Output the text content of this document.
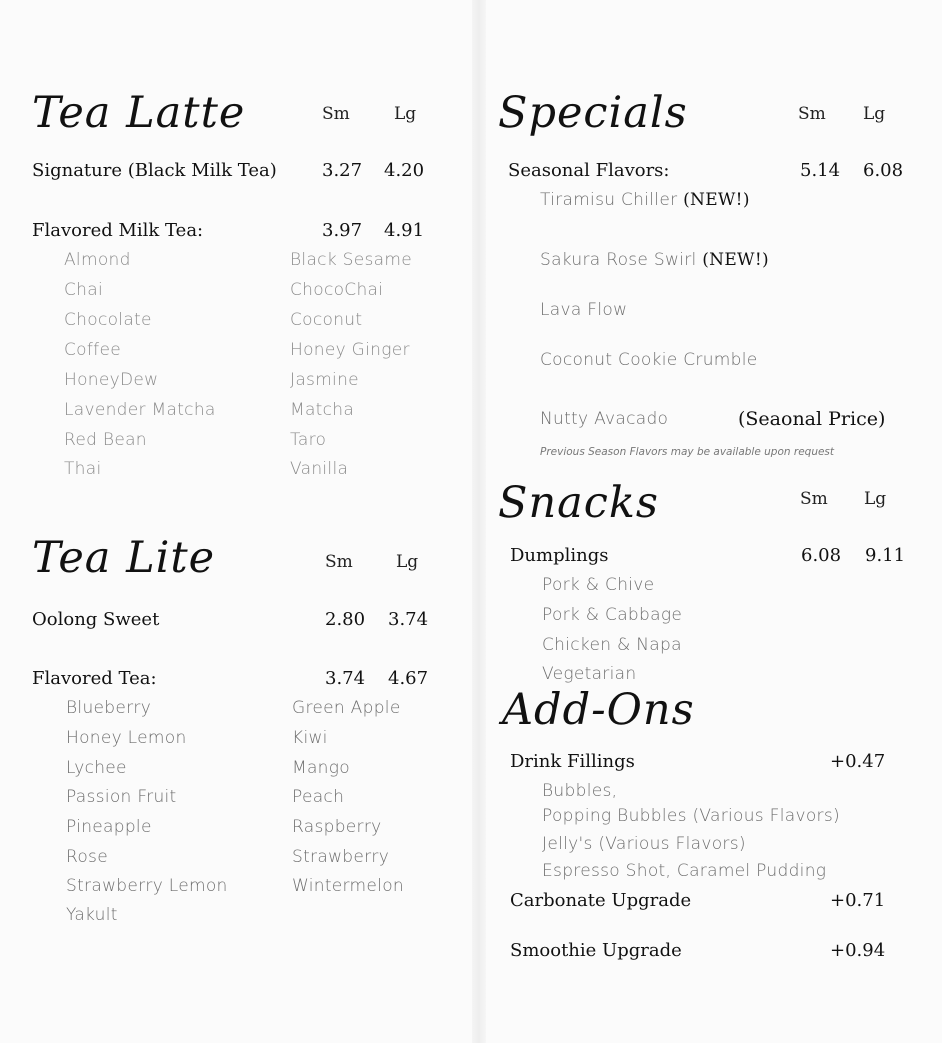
Tea Latte	Sm	Lg
Signature (Black Milk Tea)	3.27 4.20
Flavored Milk Tea:	3.97 4.91
Almond
Chai
Chocolate
Coffee
HoneyDew
Lavender Matcha
Red Bean
Thai
Black Sesame
ChocoChai
Coconut
Honey Ginger
Jasmine
Matcha
Taro
Vanilla
Tea Lite	Sm	Lg
Oolong Sweet	2.80 3.74
Flavored Tea:	3.74 4.67
Blueberry
Honey Lemon
Lychee
Passion Fruit
Pineapple
Rose
Strawberry Lemon
Yakult
Green Apple
Kiwi
Mango
Peach
Raspberry
Strawberry
Wintermelon
Specials	Sm Lg
Seasonal Flavors:	5.14 6.08
Tiramisu Chiller (NEW!)
Sakura Rose Swirl (NEW!)
Lava Flow
Coconut Cookie Crumble
Nutty Avacado	(Seaonal Price)
Previous Season Flavors may be available upon request
Snacks	Sm Lg
Dumplings	6.08 9.11
Pork & Chive
Pork & Cabbage
Chicken & Napa
Vegetarian
Add-Ons
Drink Fillings	+0.47
Bubbles,
Popping Bubbles (Various Flavors)
Jelly's (Various Flavors)
Espresso Shot, Caramel Pudding
Carbonate Upgrade	+0.71
Smoothie Upgrade	+0.94
